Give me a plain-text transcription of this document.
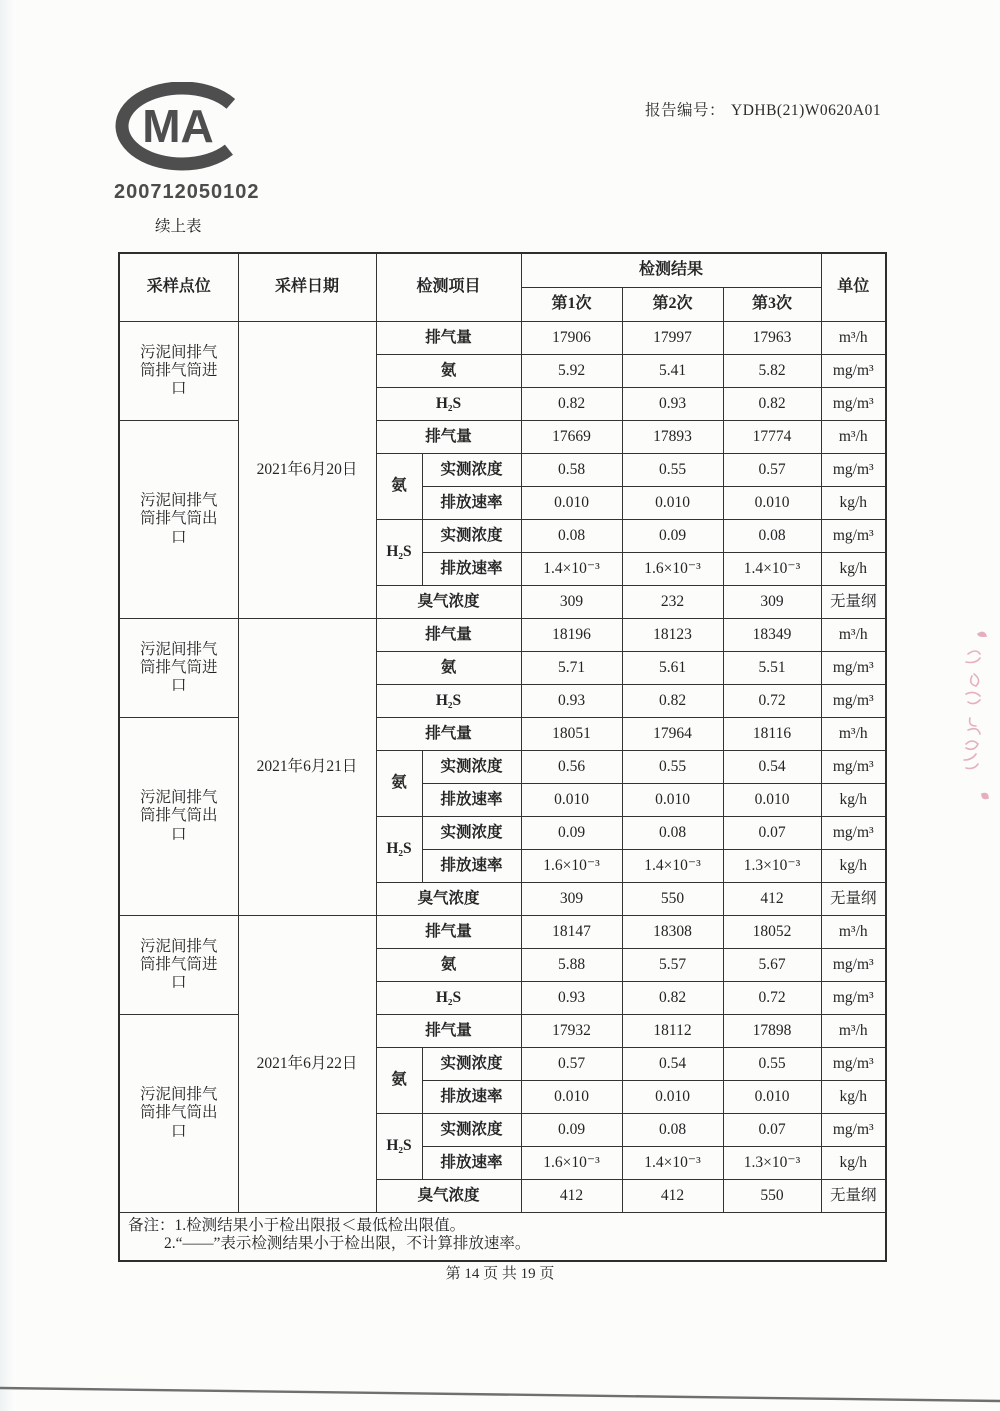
MA
200712050102
报告编号： YDHB(21)W0620A01
续上表
采样点位	采样日期	检测项目		检测结果			单位
				第1次	第2次	第3次	
污泥间排气筒排气筒进口	2021年6月20日	排气量		17906	17997	17963	m³/h
		氨		5.92	5.41	5.82	mg/m³
		H₂S		0.82	0.93	0.82	mg/m³
污泥间排气筒排气筒出口		排气量		17669	17893	17774	m³/h
		氨	实测浓度	0.58	0.55	0.57	mg/m³
			排放速率	0.010	0.010	0.010	kg/h
		H₂S	实测浓度	0.08	0.09	0.08	mg/m³
			排放速率	1.4×10⁻³	1.6×10⁻³	1.4×10⁻³	kg/h
		臭气浓度		309	232	309	无量纲
污泥间排气筒排气筒进口	2021年6月21日	排气量		18196	18123	18349	m³/h
		氨		5.71	5.61	5.51	mg/m³
		H₂S		0.93	0.82	0.72	mg/m³
污泥间排气筒排气筒出口		排气量		18051	17964	18116	m³/h
		氨	实测浓度	0.56	0.55	0.54	mg/m³
			排放速率	0.010	0.010	0.010	kg/h
		H₂S	实测浓度	0.09	0.08	0.07	mg/m³
			排放速率	1.6×10⁻³	1.4×10⁻³	1.3×10⁻³	kg/h
		臭气浓度		309	550	412	无量纲
污泥间排气筒排气筒进口	2021年6月22日	排气量		18147	18308	18052	m³/h
		氨		5.88	5.57	5.67	mg/m³
		H₂S		0.93	0.82	0.72	mg/m³
污泥间排气筒排气筒出口		排气量		17932	18112	17898	m³/h
		氨	实测浓度	0.57	0.54	0.55	mg/m³
			排放速率	0.010	0.010	0.010	kg/h
		H₂S	实测浓度	0.09	0.08	0.07	mg/m³
			排放速率	1.6×10⁻³	1.4×10⁻³	1.3×10⁻³	kg/h
		臭气浓度		412	412	550	无量纲

备注：1.检测结果小于检出限报＜最低检出限值。
2.“——”表示检测结果小于检出限，不计算排放速率。							
第 14 页 共 19 页
